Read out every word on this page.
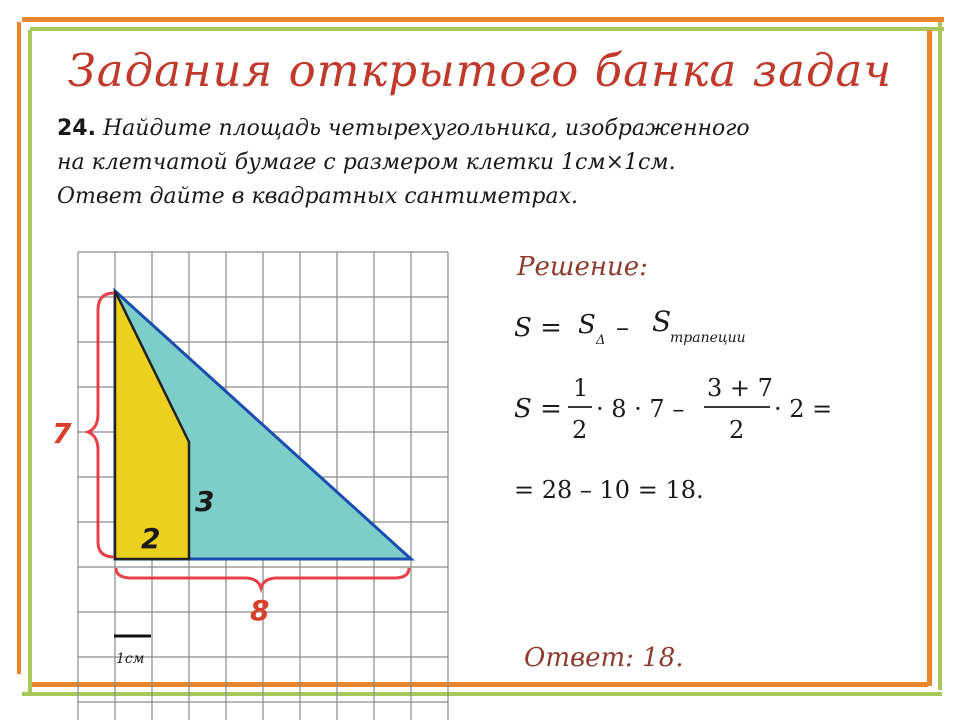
Задания открытого банка задач
24. Найдите площадь четырехугольника, изображенного
на клетчатой бумаге с размером клетки 1см×1см.
Ответ дайте в квадратных сантиметрах.
7
8
3
2
1см
Решение:
S = S
Δ – S
трапеции
S =
1
2
· 8 · 7 –
3 + 7
2
· 2 =
= 28 – 10 = 18.
Ответ: 18.
